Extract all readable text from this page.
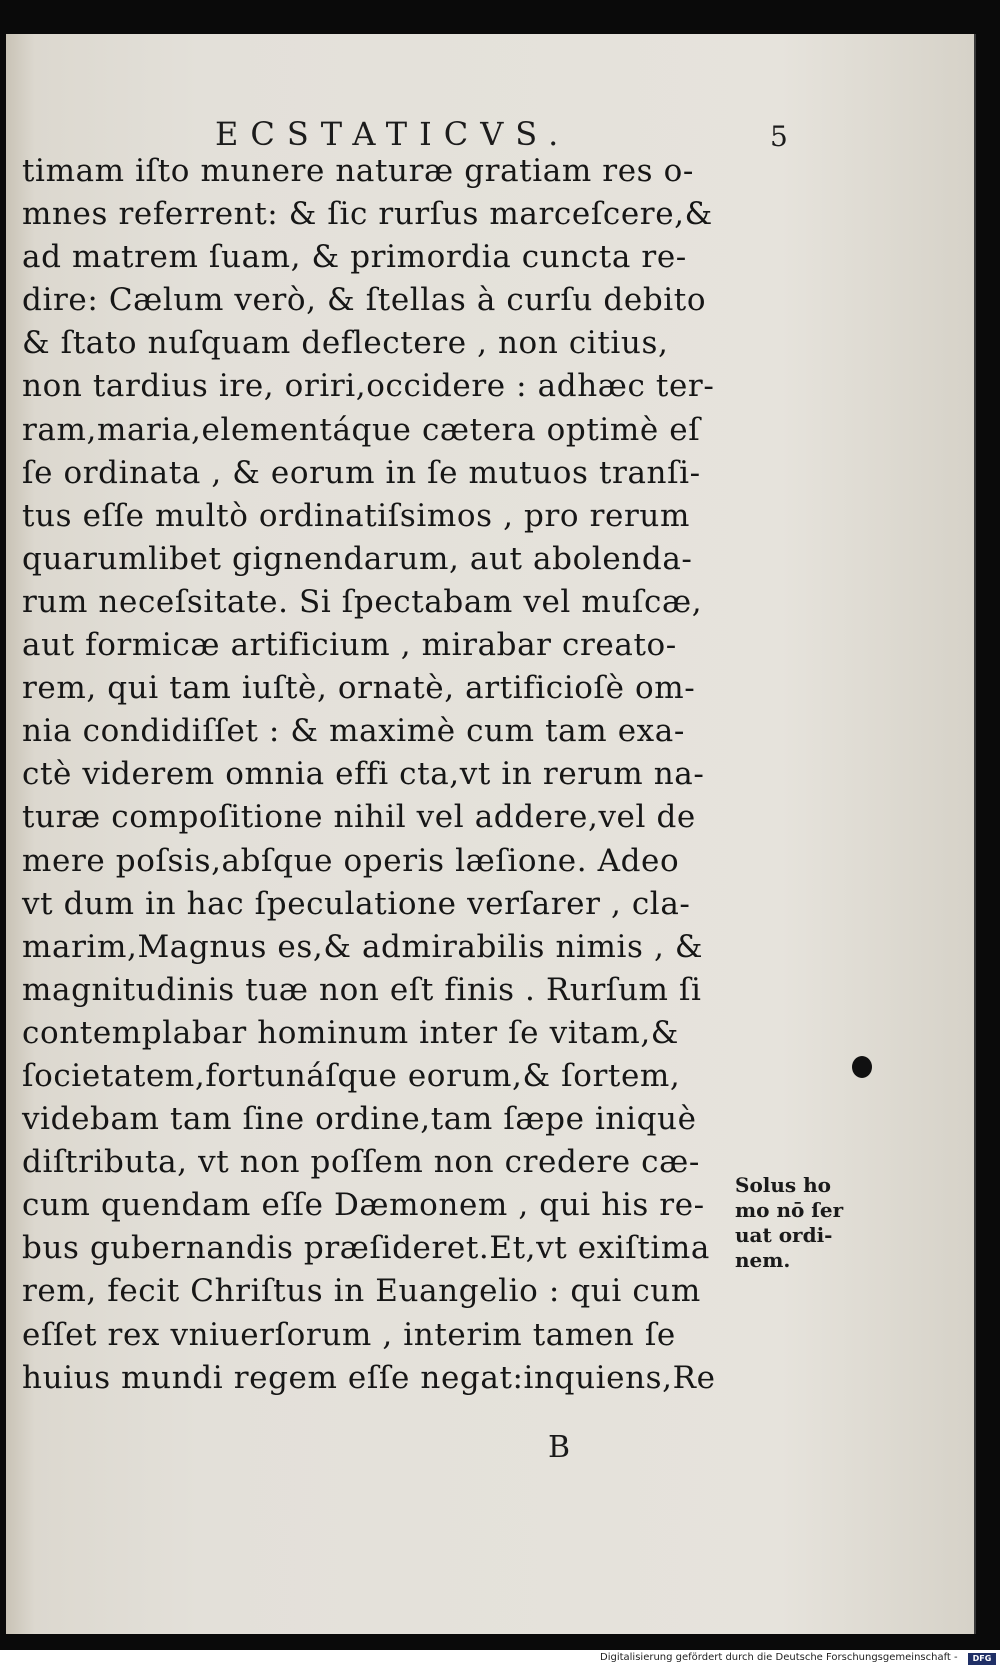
ECSTATICVS.	5
timam iſto munere naturæ gratiam res o-
mnes referrent: & ſic rurſus marceſcere,&
ad matrem ſuam, & primordia cuncta re-
dire: Cælum verò, & ſtellas à curſu debito
& ſtato nuſquam deflectere , non citius,
non tardius ire, oriri,occidere : adhæc ter-
ram,maria,elementáque cætera optimè eſ
ſe ordinata , & eorum in ſe mutuos tranſi-
tus eſſe multò ordinatiſsimos , pro rerum
quarumlibet gignendarum, aut abolenda-
rum neceſsitate. Si ſpectabam vel muſcæ,
aut formicæ artificium , mirabar creato-
rem, qui tam iuſtè, ornatè, artificioſè om-
nia condidiſſet : & maximè cum tam exa-
ctè viderem omnia effi cta,vt in rerum na-
turæ compoſitione nihil vel addere,vel de
mere poſsis,abſque operis læſione. Adeo
vt dum in hac ſpeculatione verſarer , cla-
marim,Magnus es,& admirabilis nimis , &
magnitudinis tuæ non eſt finis . Rurſum ſi
contemplabar hominum inter ſe vitam,&
ſocietatem,fortunáſque eorum,& ſortem,
videbam tam ſine ordine,tam ſæpe iniquè
diſtributa, vt non poſſem non credere cæ-
cum quendam eſſe Dæmonem , qui his re-
bus gubernandis præſideret.Et,vt exiſtima
rem, fecit Chriſtus in Euangelio : qui cum
eſſet rex vniuerſorum , interim tamen ſe
huius mundi regem eſſe negat:inquiens,Re
Solus ho
mo nō ſer
uat ordi-
nem.
B
Digitalisierung gefördert durch die Deutsche Forschungsgemeinschaft -	DFG
